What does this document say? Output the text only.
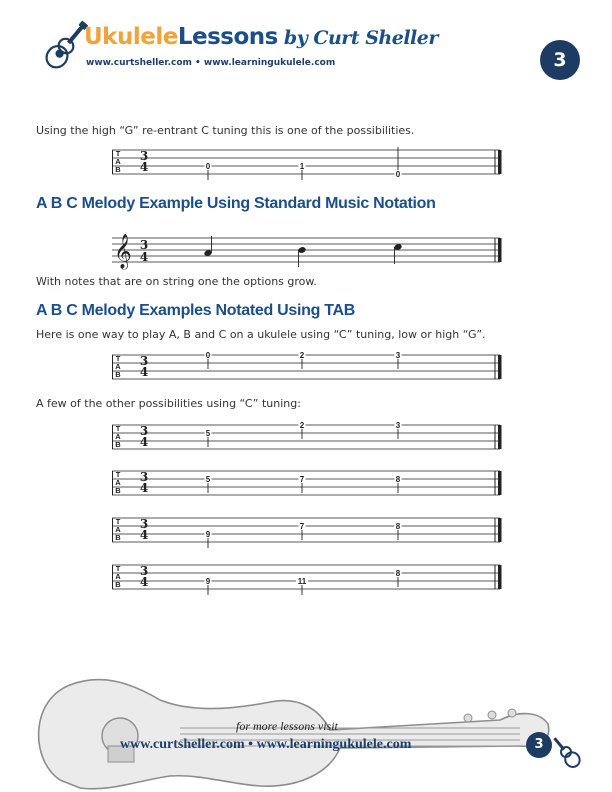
UkuleleLessons by Curt Sheller
www.curtsheller.com • www.learningukulele.com	3
Using the high “G” re-entrant C tuning this is one of the possibilities.
T
A
B
3
4	0	1
0
A B C Melody Example Using Standard Music Notation
𝄞 3
4
With notes that are on string one the options grow.
A B C Melody Examples Notated Using TAB
Here is one way to play A, B and C on a ukulele using “C” tuning, low or high “G”.
T
A
B
3
4
0	2	3
A few of the other possibilities using “C” tuning:
T
A
B
3
4
5
2	3
T
A
B
3
4
5	7	8
T
A
B
3
4	9
7	8
T
A
B
3
4	9	11
8
for more lessons visit
www.curtsheller.com • www.learningukulele.com	3
